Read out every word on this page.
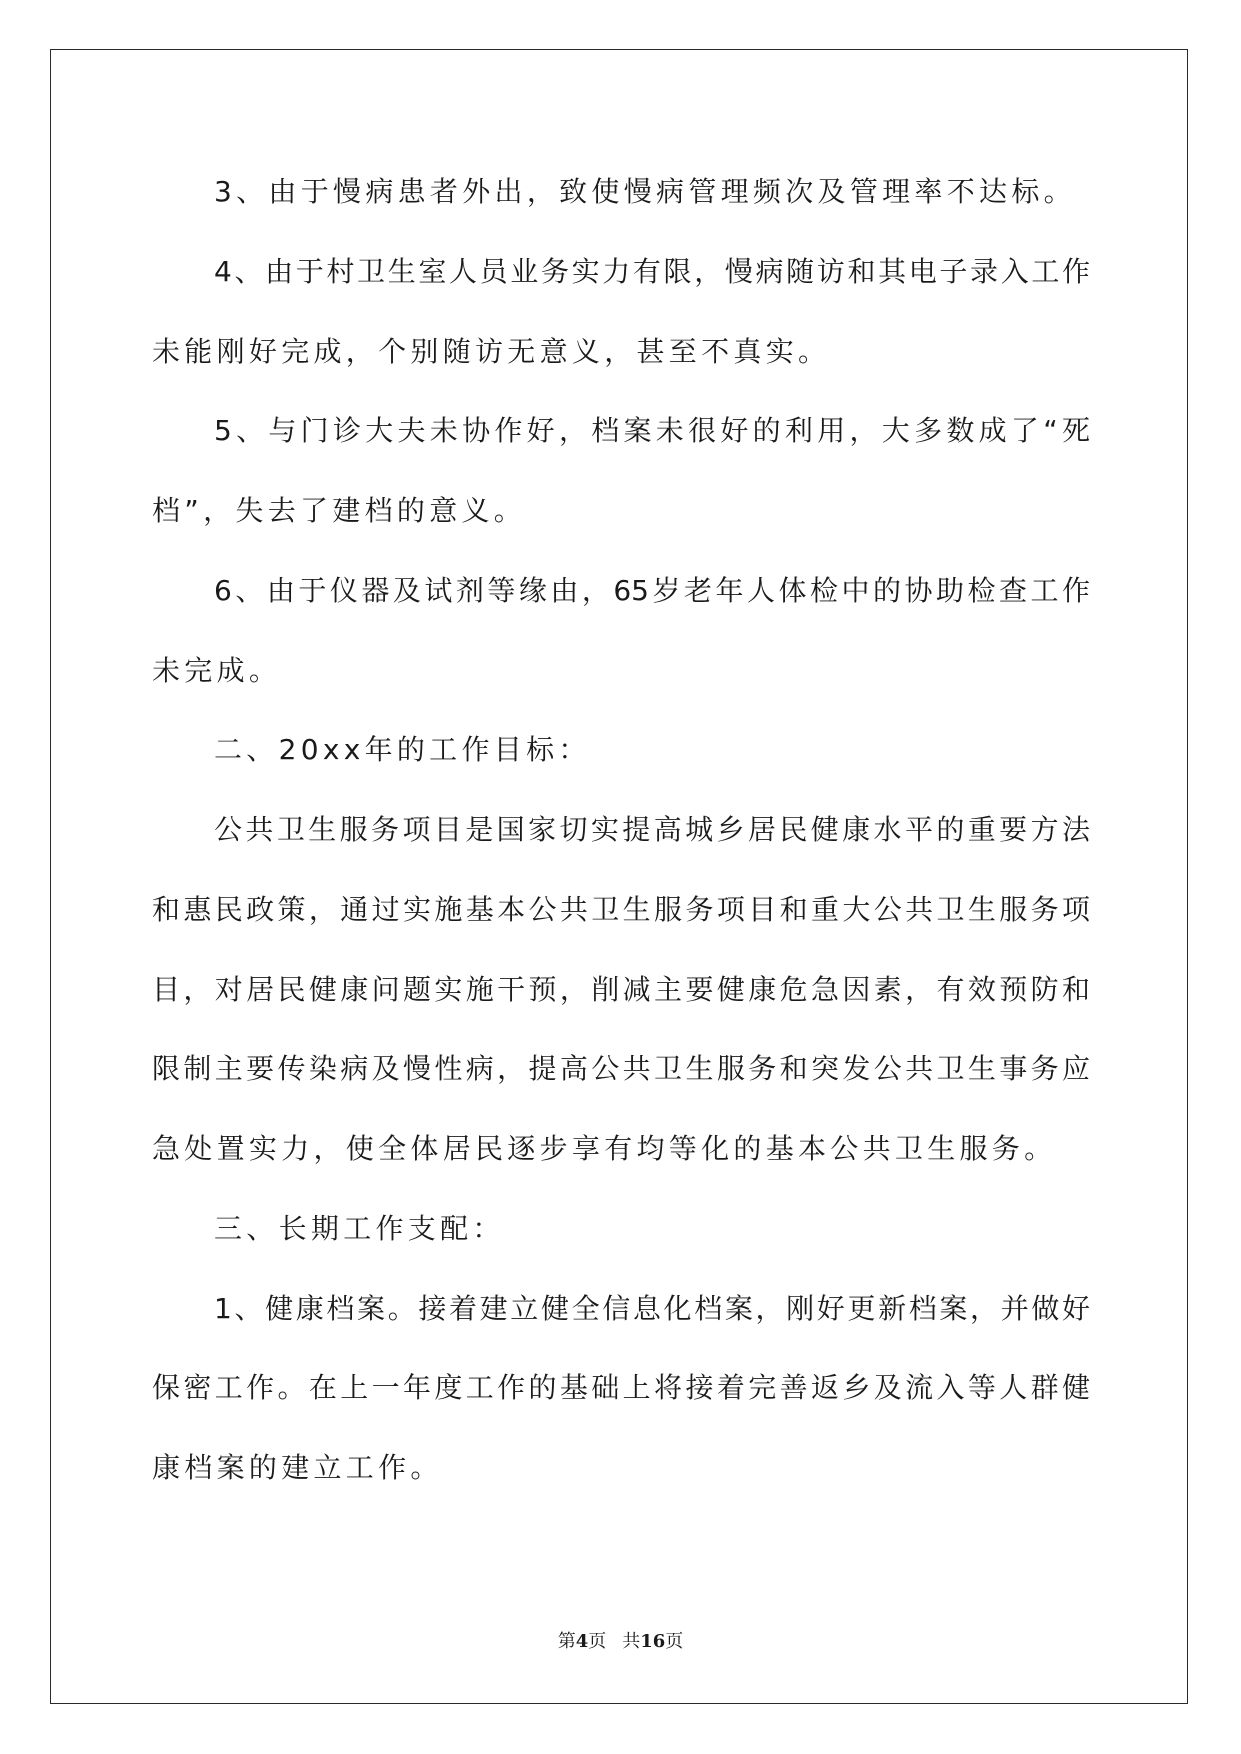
3、由于慢病患者外出，致使慢病管理频次及管理率不达标。

4、由于村卫生室人员业务实力有限，慢病随访和其电子录入工作

未能刚好完成，个别随访无意义，甚至不真实。

5、与门诊大夫未协作好，档案未很好的利用，大多数成了“死

档”，失去了建档的意义。

6、由于仪器及试剂等缘由，65岁老年人体检中的协助检查工作

未完成。

二、20xx年的工作目标：

公共卫生服务项目是国家切实提高城乡居民健康水平的重要方法

和惠民政策，通过实施基本公共卫生服务项目和重大公共卫生服务项

目，对居民健康问题实施干预，削减主要健康危急因素，有效预防和

限制主要传染病及慢性病，提高公共卫生服务和突发公共卫生事务应

急处置实力，使全体居民逐步享有均等化的基本公共卫生服务。

三、长期工作支配：

1、健康档案。接着建立健全信息化档案，刚好更新档案，并做好

保密工作。在上一年度工作的基础上将接着完善返乡及流入等人群健

康档案的建立工作。

第4页 共16页
